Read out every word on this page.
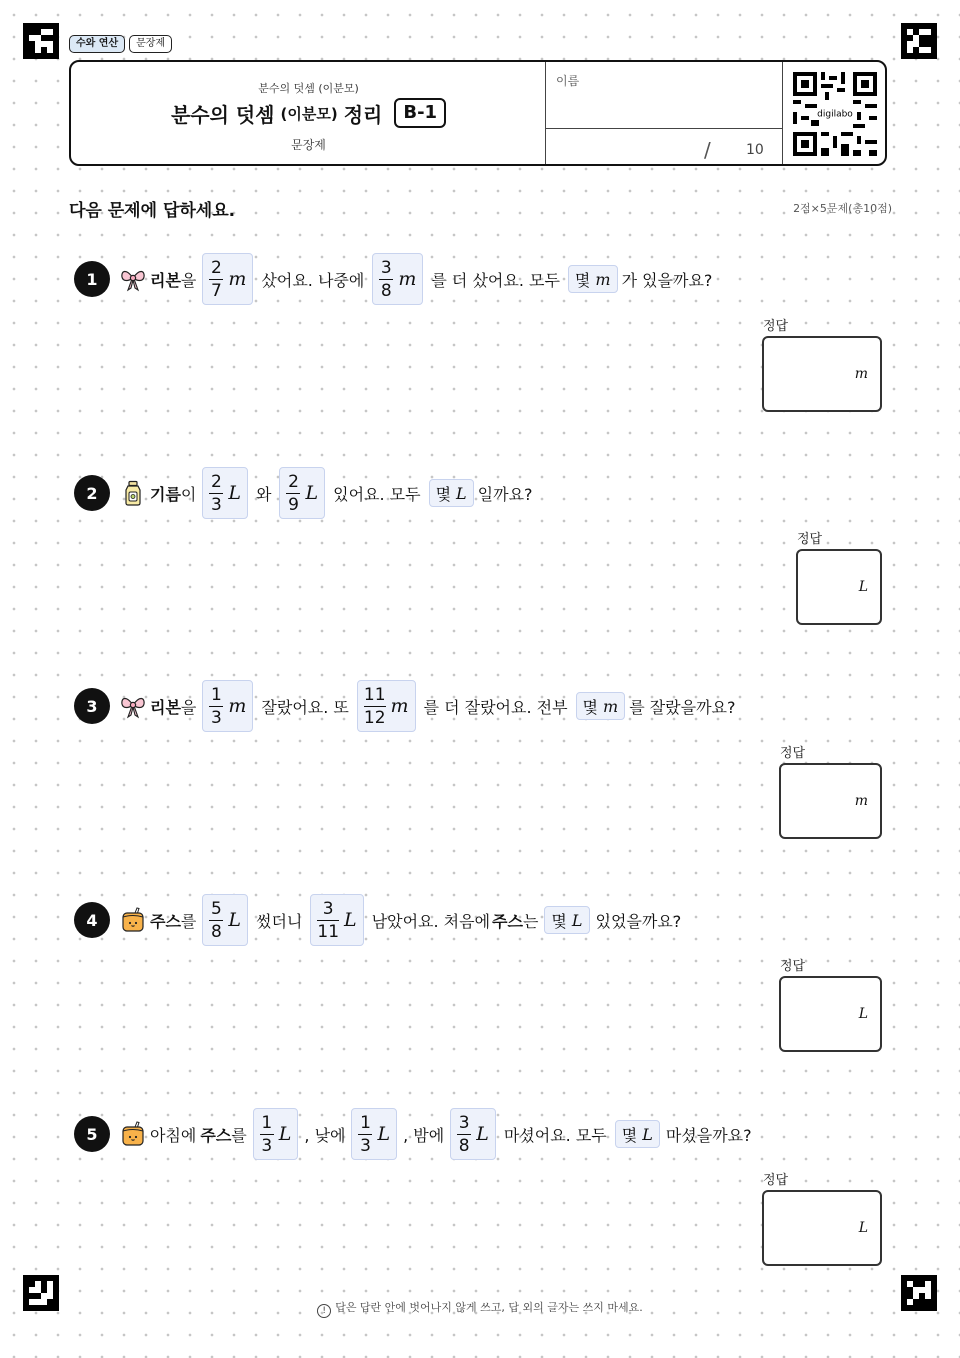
수와 연산	문장제
분수의 덧셈 (이분모)
분수의 덧셈 (이분모) 정리	B-1
문장제
이름
/	10
digilabo
다음 문제에 답하세요.	2점×5문제(총10점)
1	리본 을 $\frac{2}{7}$ m 샀어요. 나중에 $\frac{3}{8}$ m 를 더 샀어요. 모두 몇 m 가 있을까요?
정답
m
2	기름 이 $\frac{2}{3}$ L 와 $\frac{2}{9}$ L 있어요. 모두 몇 L 일까요?
정답
L
3	리본 을 $\frac{1}{3}$ m 잘랐어요. 또 $\frac{11}{12}$ m 를 더 잘랐어요. 전부 몇 m 를 잘랐을까요?
정답
m
4	주스 를 $\frac{5}{8}$ L 썼더니 $\frac{3}{11}$ L 남았어요. 처음에 주스 는 몇 L 있었을까요?
정답
L
5	아침에 주스 를 $\frac{1}{3}$ L , 낮에 $\frac{1}{3}$ L , 밤에 $\frac{3}{8}$ L 마셨어요. 모두 몇 L 마셨을까요?
정답
L
! 답은 답란 안에 벗어나지 않게 쓰고, 답 외의 글자는 쓰지 마세요.
